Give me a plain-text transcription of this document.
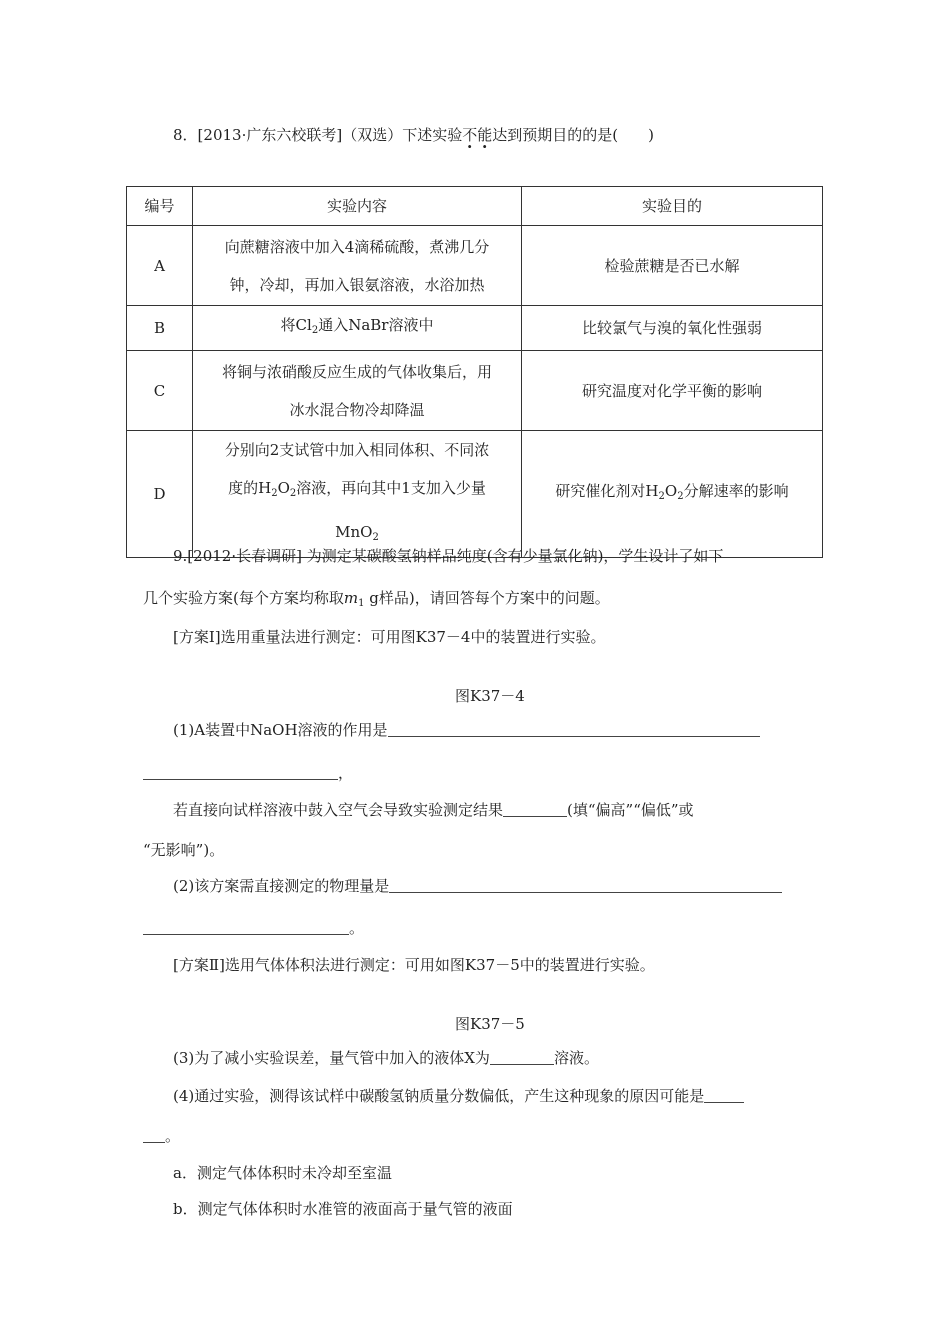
8．[2013·广东六校联考]（双选）下述实验不能达到预期目的的是(　　)
编号	实验内容	实验目的
A	向蔗糖溶液中加入4滴稀硫酸，煮沸几分
钟，冷却，再加入银氨溶液，水浴加热	检验蔗糖是否已水解
B	将$Cl_2$通入NaBr溶液中	比较氯气与溴的氧化性强弱
C	将铜与浓硝酸反应生成的气体收集后，用
冰水混合物冷却降温	研究温度对化学平衡的影响
D	分别向2支试管中加入相同体积、不同浓
度的$H_2O_2$溶液，再向其中1支加入少量
MnO$_2$	研究催化剂对$H_2O_2$分解速率的影响
9.[2012·长春调研] 为测定某碳酸氢钠样品纯度(含有少量氯化钠)，学生设计了如下
几个实验方案(每个方案均称取$m_1$ g样品)，请回答每个方案中的问题。
[方案Ⅰ]选用重量法进行测定：可用图K37－4中的装置进行实验。
图K37－4
(1)A装置中NaOH溶液的作用是
，
若直接向试样溶液中鼓入空气会导致实验测定结果	(填“偏高”“偏低”或
“无影响”)。
(2)该方案需直接测定的物理量是
。
[方案Ⅱ]选用气体体积法进行测定：可用如图K37－5中的装置进行实验。
图K37－5
(3)为了减小实验误差，量气管中加入的液体X为	溶液。
(4)通过实验，测得该试样中碳酸氢钠质量分数偏低，产生这种现象的原因可能是
。
a．测定气体体积时未冷却至室温
b．测定气体体积时水准管的液面高于量气管的液面
